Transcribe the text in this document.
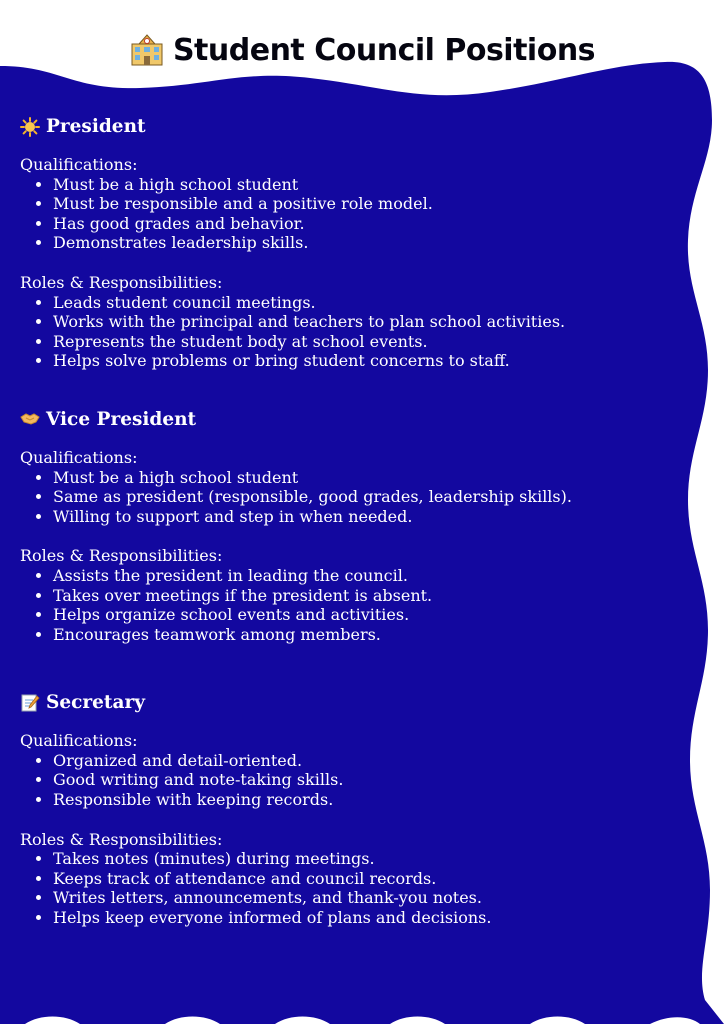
Student Council Positions
President
Qualifications:
• Must be a high school student
• Must be responsible and a positive role model.
• Has good grades and behavior.
• Demonstrates leadership skills.
Roles & Responsibilities:
• Leads student council meetings.
• Works with the principal and teachers to plan school activities.
• Represents the student body at school events.
• Helps solve problems or bring student concerns to staff.
Vice President
Qualifications:
• Must be a high school student
• Same as president (responsible, good grades, leadership skills).
• Willing to support and step in when needed.
Roles & Responsibilities:
• Assists the president in leading the council.
• Takes over meetings if the president is absent.
• Helps organize school events and activities.
• Encourages teamwork among members.
Secretary
Qualifications:
• Organized and detail-oriented.
• Good writing and note-taking skills.
• Responsible with keeping records.
Roles & Responsibilities:
• Takes notes (minutes) during meetings.
• Keeps track of attendance and council records.
• Writes letters, announcements, and thank-you notes.
• Helps keep everyone informed of plans and decisions.
